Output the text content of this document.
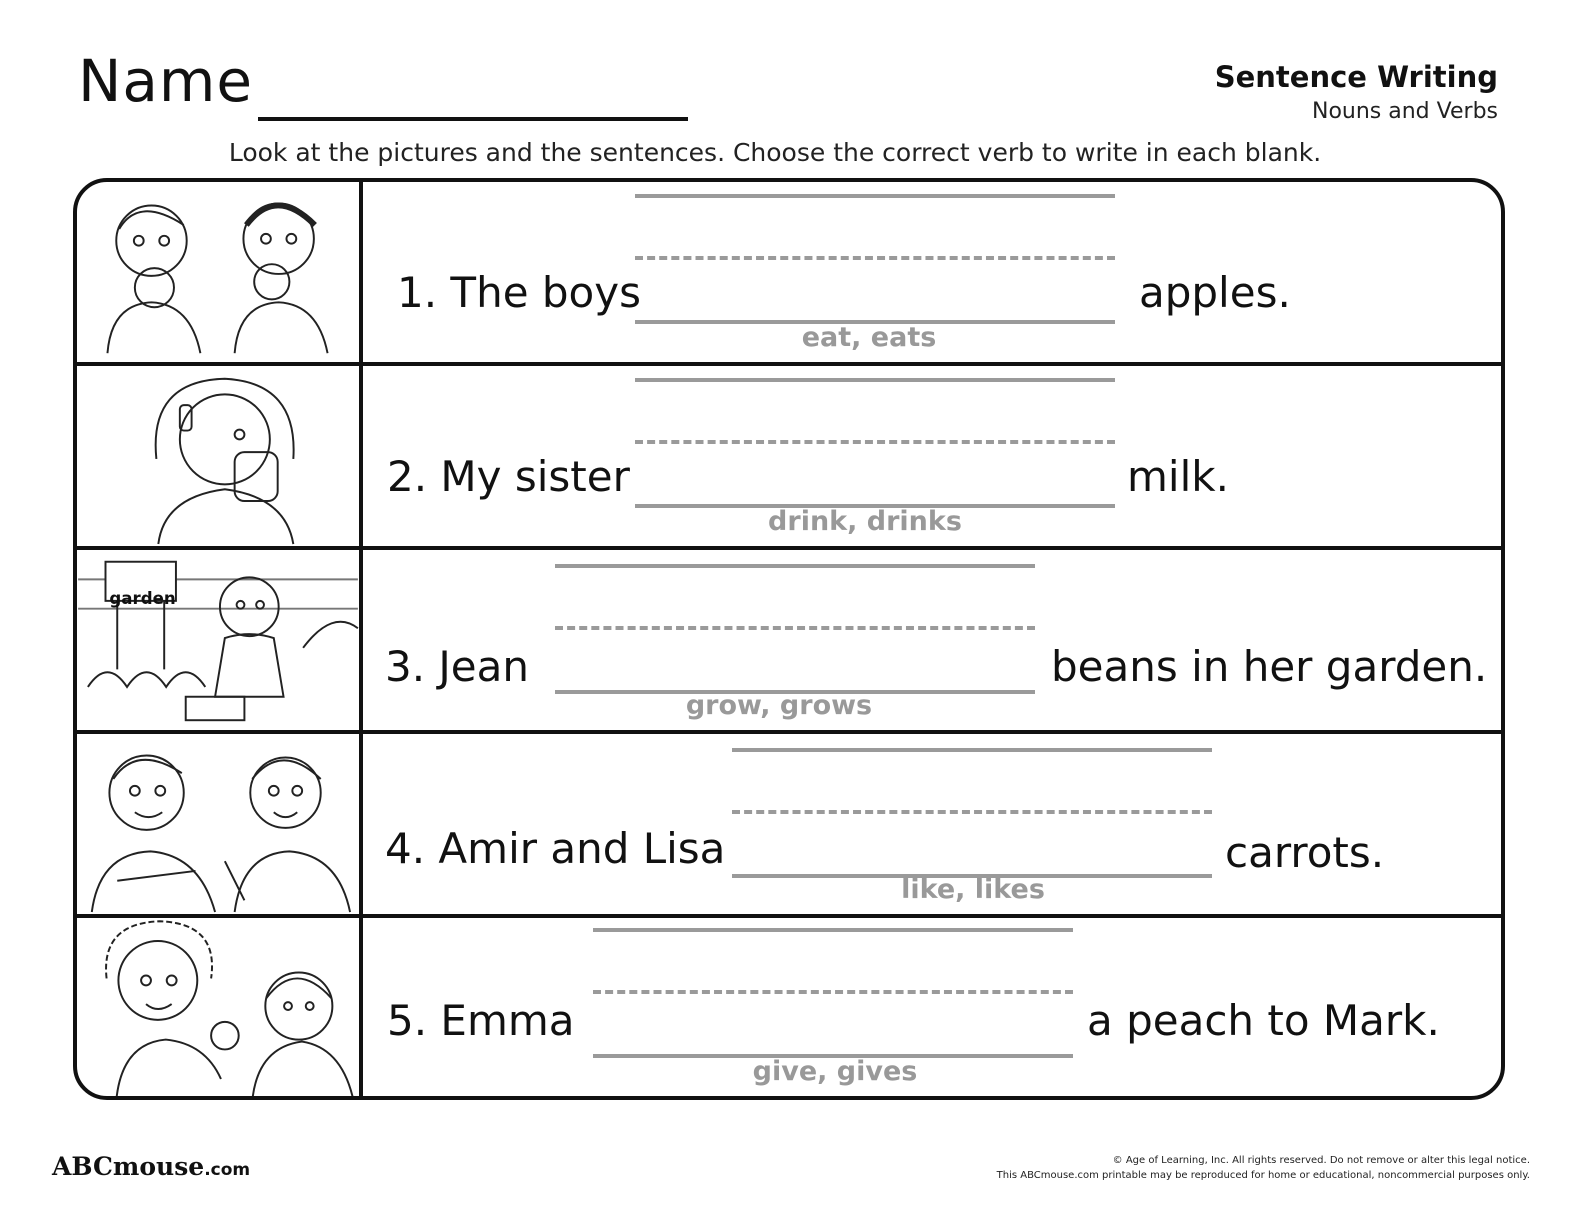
Name	Sentence Writing
Nouns and Verbs
Look at the pictures and the sentences. Choose the correct verb to write in each blank.
1. The boys	apples.
eat, eats
2. My sister	milk.
drink, drinks
garden
3. Jean	beans in her garden.
grow, grows
4. Amir and Lisa	carrots.
like, likes
5. Emma	a peach to Mark.
give, gives
ABCmouse.com	© Age of Learning, Inc. All rights reserved. Do not remove or alter this legal notice.
This ABCmouse.com printable may be reproduced for home or educational, noncommercial purposes only.
